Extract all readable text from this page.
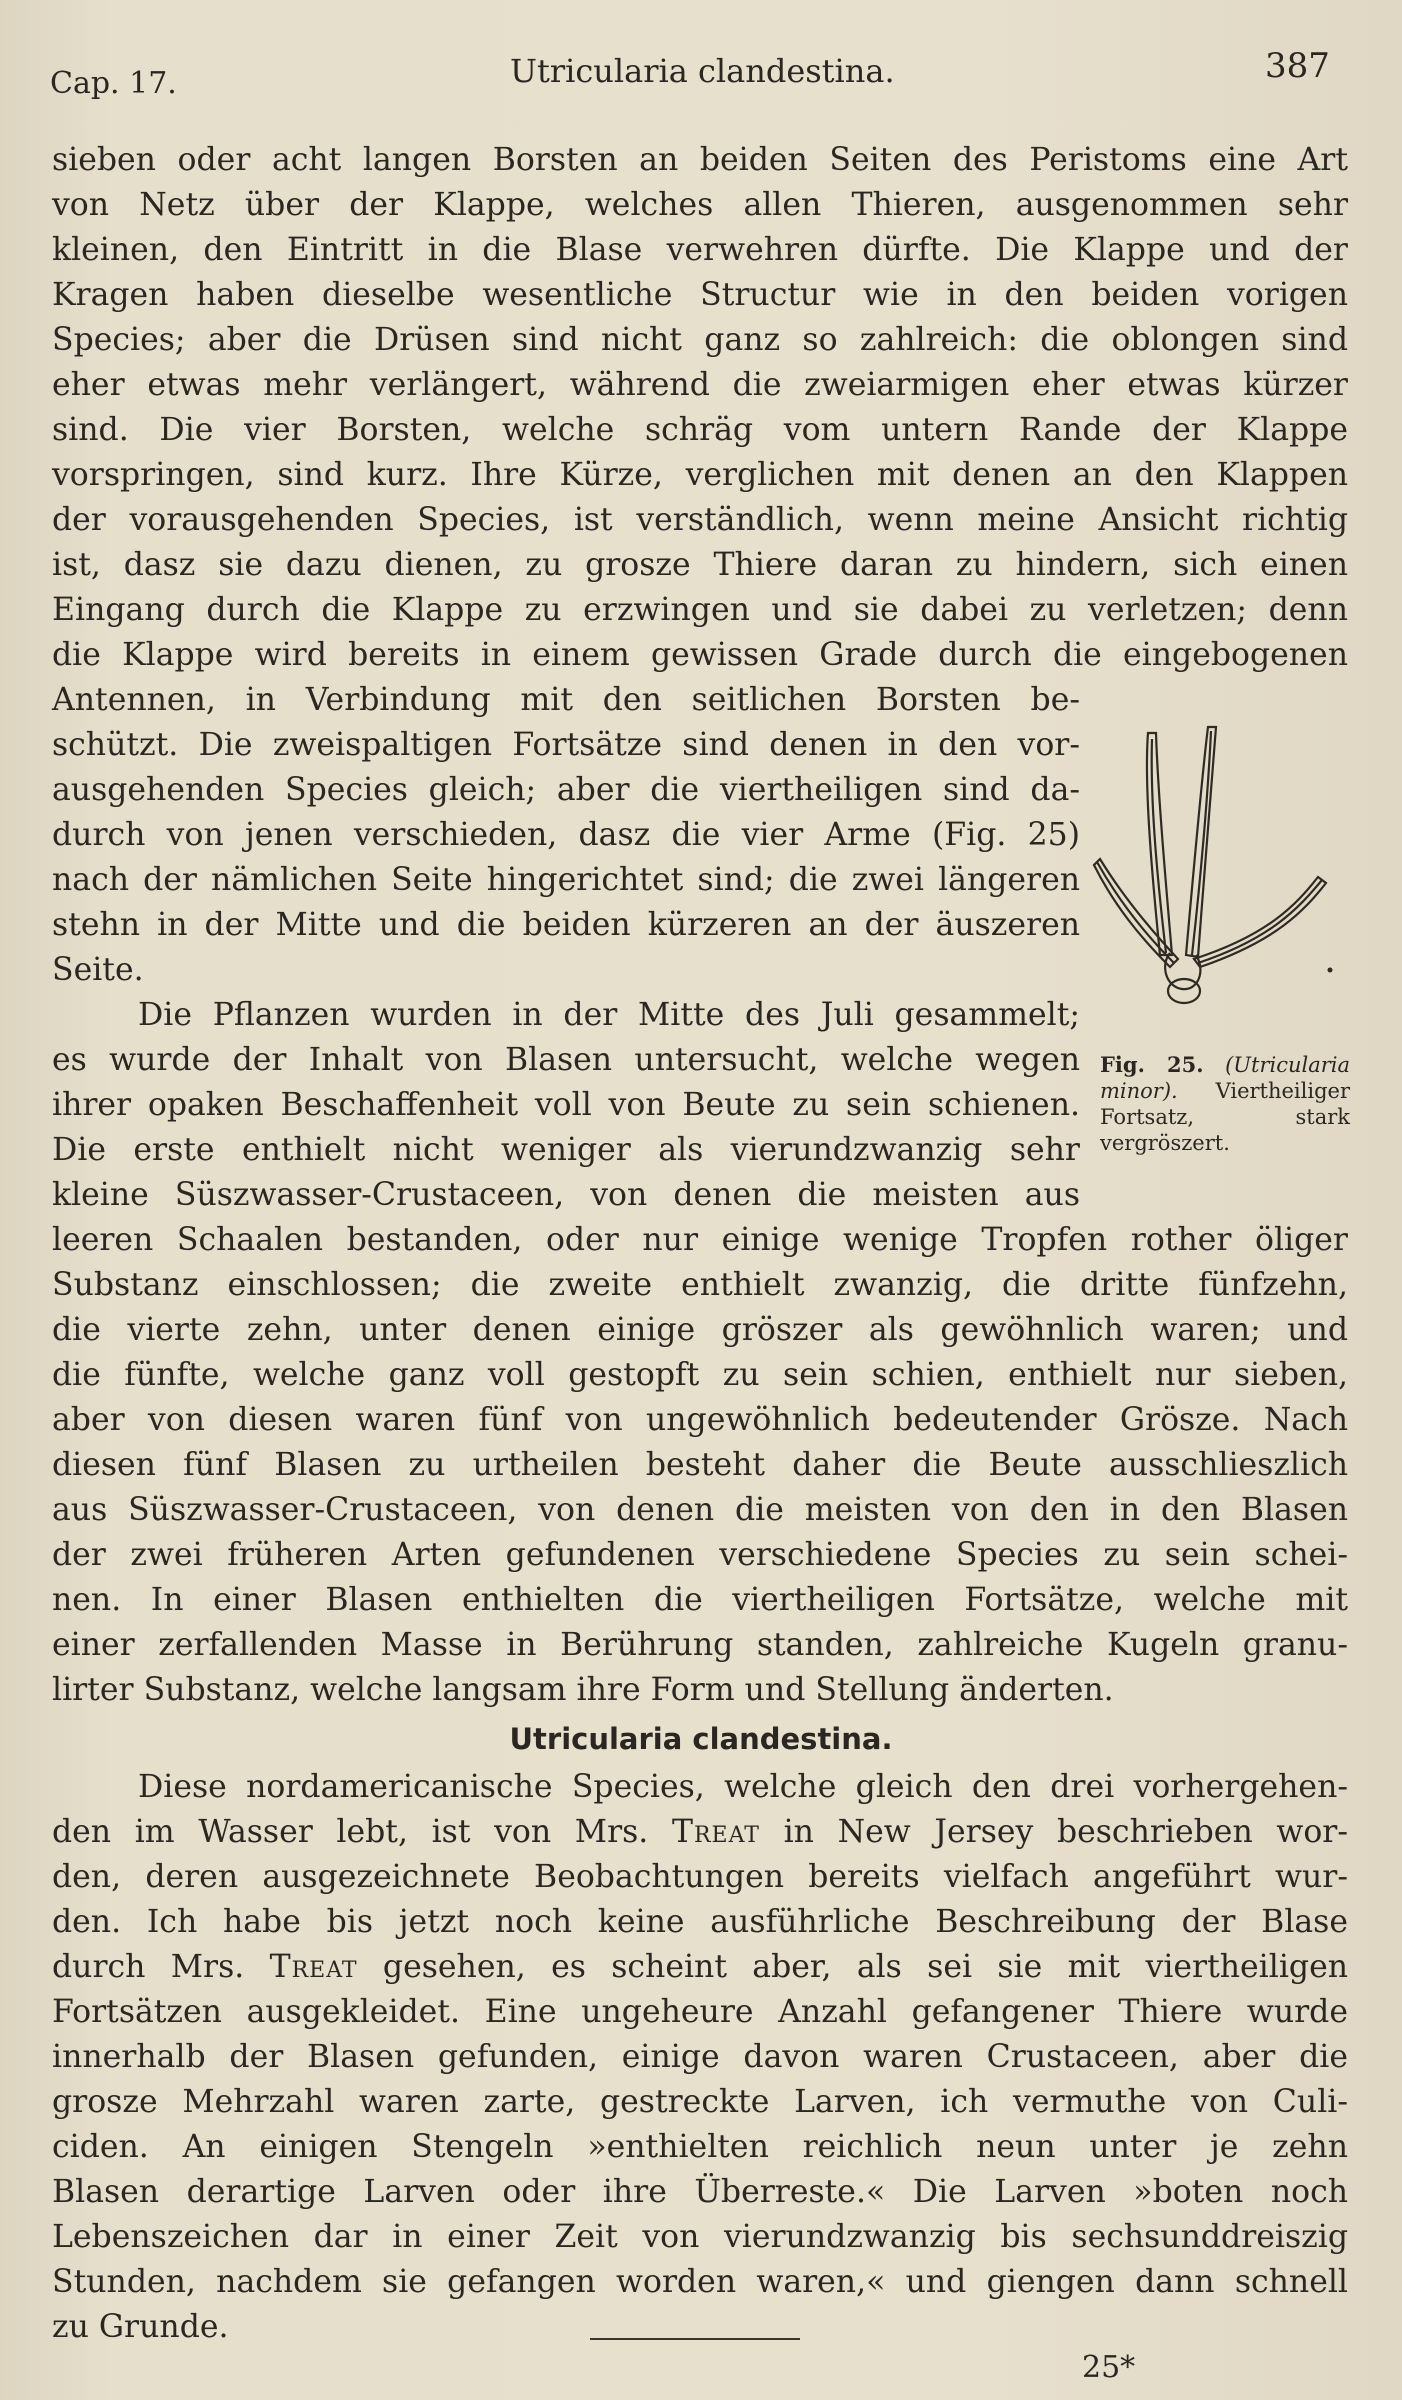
Cap. 17.	Utricularia clandestina.	387
sieben oder acht langen Borsten an beiden Seiten des Peristoms eine Art
von Netz über der Klappe, welches allen Thieren, ausgenommen sehr
kleinen, den Eintritt in die Blase verwehren dürfte. Die Klappe und der
Kragen haben dieselbe wesentliche Structur wie in den beiden vorigen
Species; aber die Drüsen sind nicht ganz so zahlreich: die oblongen sind
eher etwas mehr verlängert, während die zweiarmigen eher etwas kürzer
sind. Die vier Borsten, welche schräg vom untern Rande der Klappe
vorspringen, sind kurz. Ihre Kürze, verglichen mit denen an den Klappen
der vorausgehenden Species, ist verständlich, wenn meine Ansicht richtig
ist, dasz sie dazu dienen, zu grosze Thiere daran zu hindern, sich einen
Eingang durch die Klappe zu erzwingen und sie dabei zu verletzen; denn
die Klappe wird bereits in einem gewissen Grade durch die eingebogenen
Antennen, in Verbindung mit den seitlichen Borsten be-
schützt. Die zweispaltigen Fortsätze sind denen in den vor-
ausgehenden Species gleich; aber die viertheiligen sind da-
durch von jenen verschieden, dasz die vier Arme (Fig. 25)
nach der nämlichen Seite hingerichtet sind; die zwei längeren
stehn in der Mitte und die beiden kürzeren an der äuszeren
Seite.
Fig. 25. (Utricularia minor). Viertheiliger Fortsatz, stark vergröszert.
Die Pflanzen wurden in der Mitte des Juli gesammelt;
es wurde der Inhalt von Blasen untersucht, welche wegen
ihrer opaken Beschaffenheit voll von Beute zu sein schienen.
Die erste enthielt nicht weniger als vierundzwanzig sehr
kleine Süszwasser-Crustaceen, von denen die meisten aus
leeren Schaalen bestanden, oder nur einige wenige Tropfen rother öliger
Substanz einschlossen; die zweite enthielt zwanzig, die dritte fünfzehn,
die vierte zehn, unter denen einige gröszer als gewöhnlich waren; und
die fünfte, welche ganz voll gestopft zu sein schien, enthielt nur sieben,
aber von diesen waren fünf von ungewöhnlich bedeutender Grösze. Nach
diesen fünf Blasen zu urtheilen besteht daher die Beute ausschlieszlich
aus Süszwasser-Crustaceen, von denen die meisten von den in den Blasen
der zwei früheren Arten gefundenen verschiedene Species zu sein schei-
nen. In einer Blasen enthielten die viertheiligen Fortsätze, welche mit
einer zerfallenden Masse in Berührung standen, zahlreiche Kugeln granu-
lirter Substanz, welche langsam ihre Form und Stellung änderten.
Utricularia clandestina.
Diese nordamericanische Species, welche gleich den drei vorhergehen-
den im Wasser lebt, ist von Mrs. Treat in New Jersey beschrieben wor-
den, deren ausgezeichnete Beobachtungen bereits vielfach angeführt wur-
den. Ich habe bis jetzt noch keine ausführliche Beschreibung der Blase
durch Mrs. Treat gesehen, es scheint aber, als sei sie mit viertheiligen
Fortsätzen ausgekleidet. Eine ungeheure Anzahl gefangener Thiere wurde
innerhalb der Blasen gefunden, einige davon waren Crustaceen, aber die
grosze Mehrzahl waren zarte, gestreckte Larven, ich vermuthe von Culi-
ciden. An einigen Stengeln »enthielten reichlich neun unter je zehn
Blasen derartige Larven oder ihre Überreste.« Die Larven »boten noch
Lebenszeichen dar in einer Zeit von vierundzwanzig bis sechsunddreiszig
Stunden, nachdem sie gefangen worden waren,« und giengen dann schnell
zu Grunde.
25*
